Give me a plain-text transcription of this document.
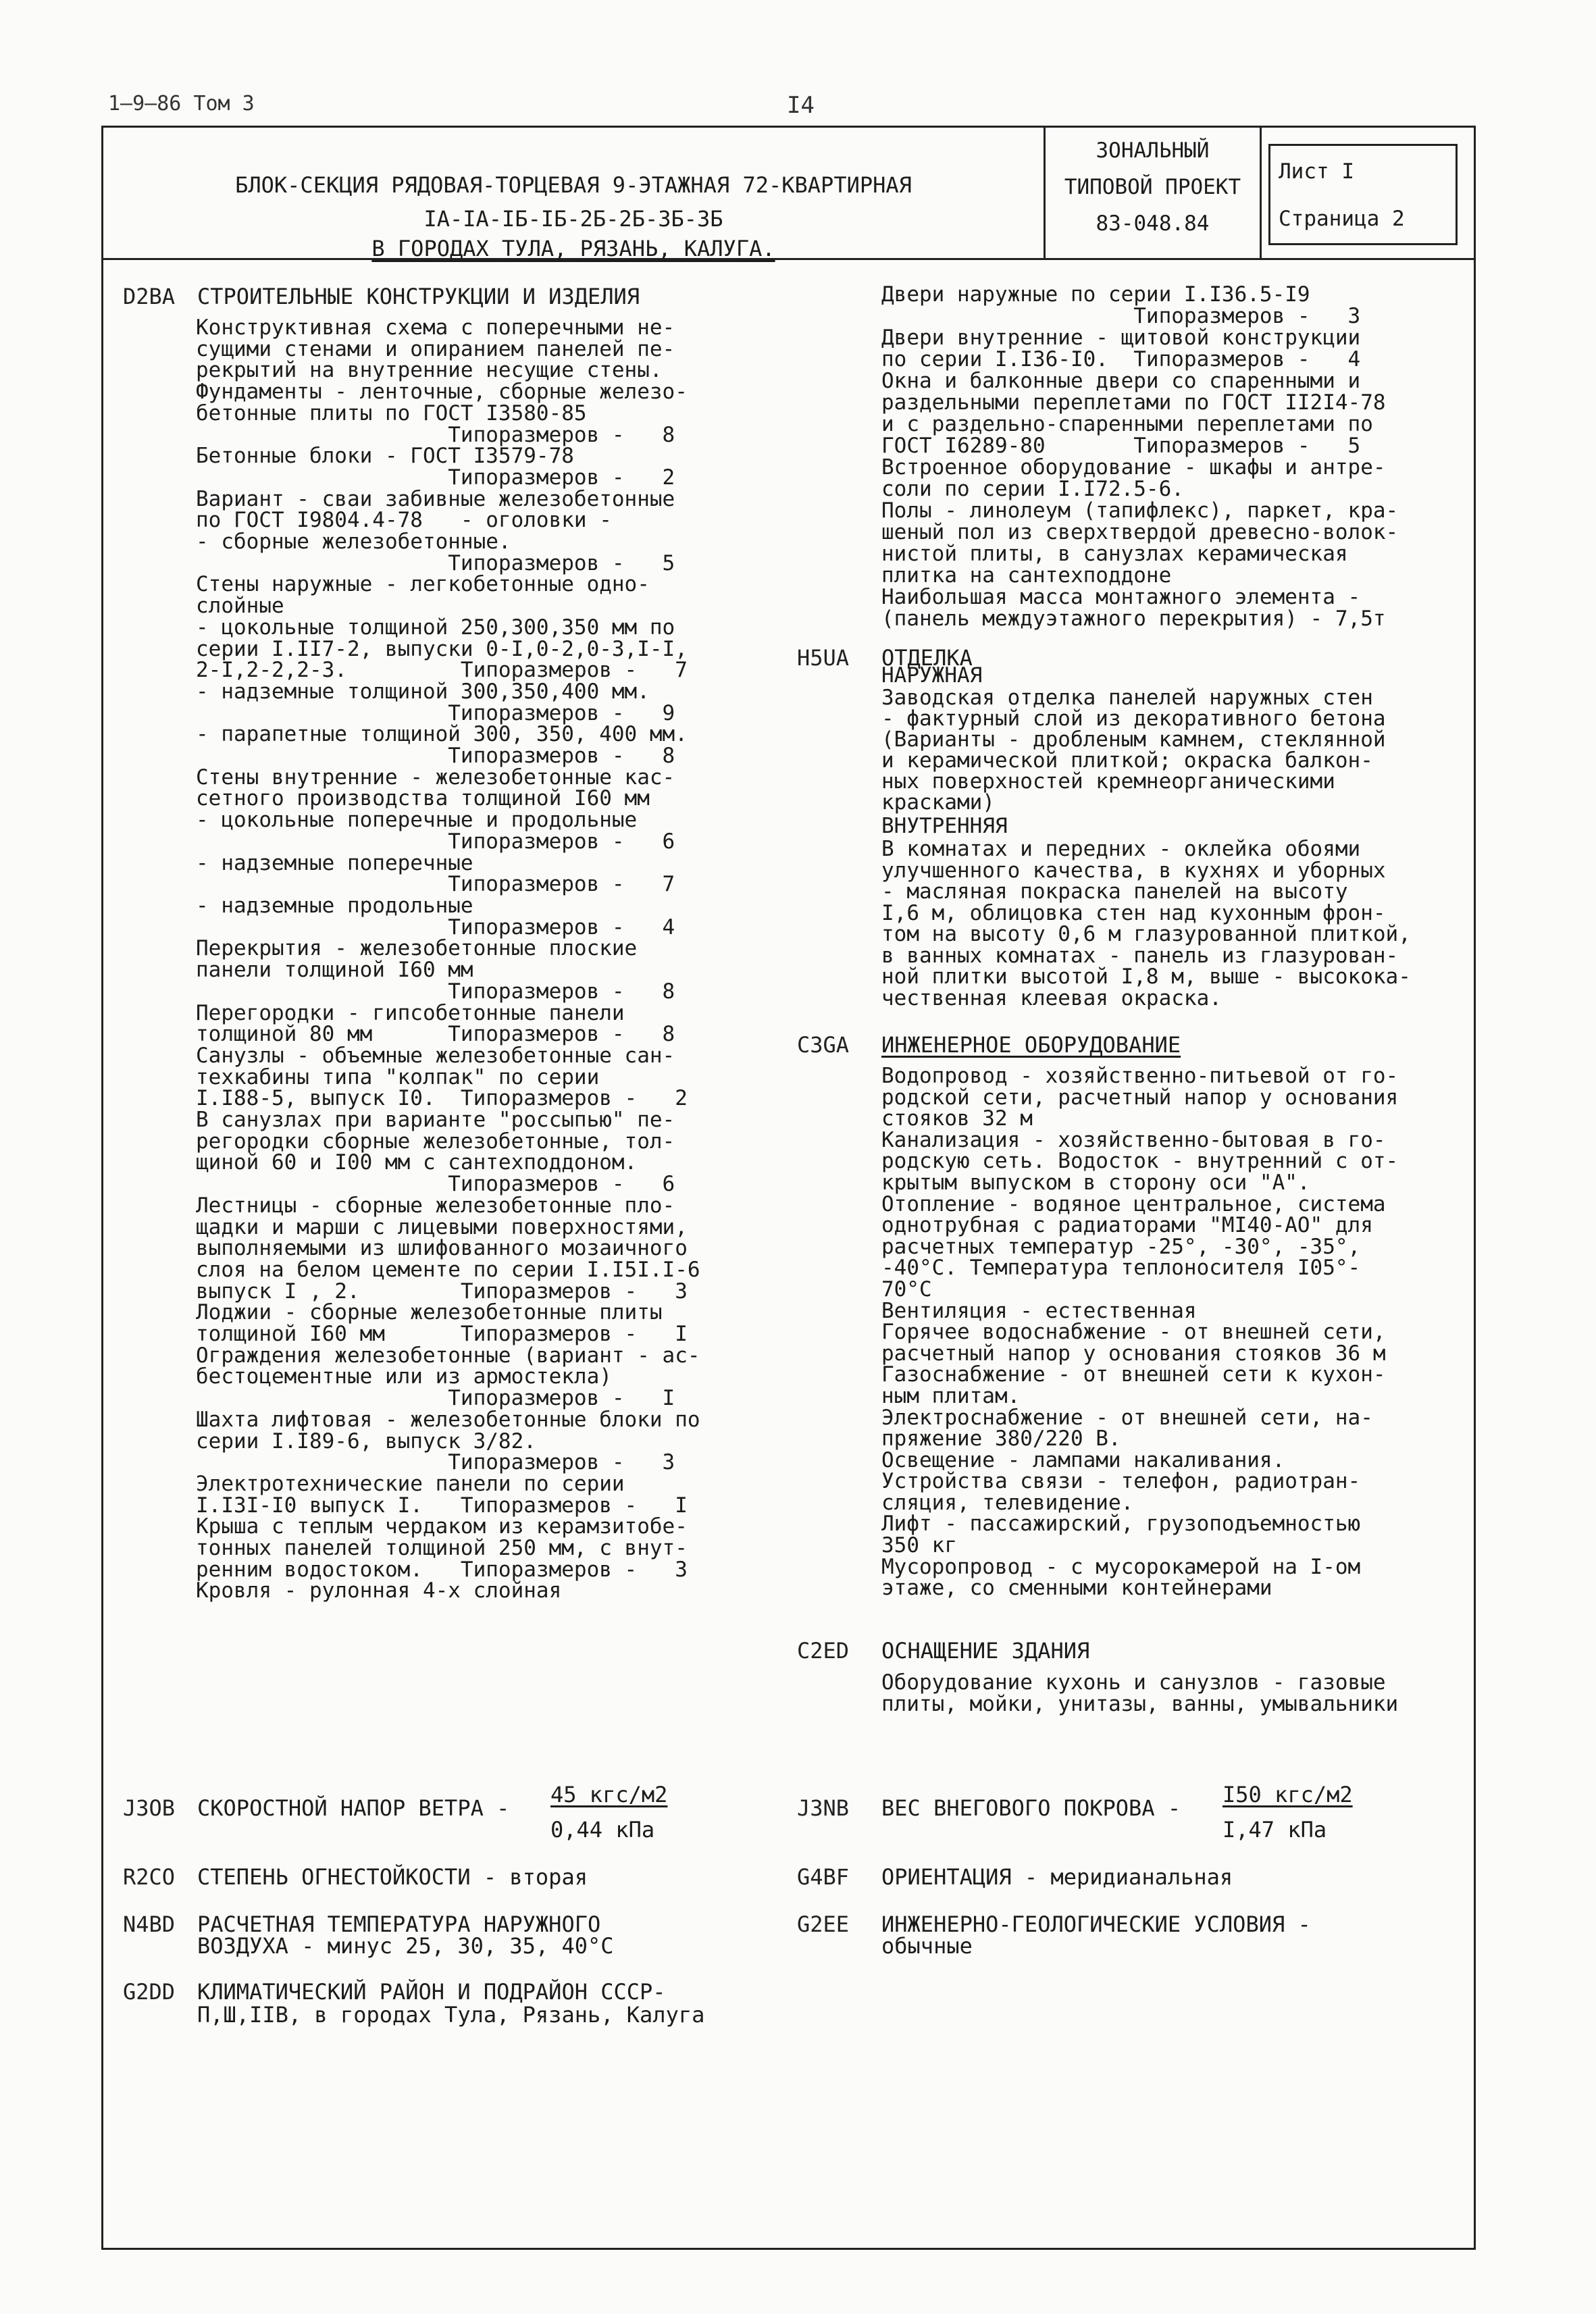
1–9–86 Том 3	I4
БЛОК-СЕКЦИЯ РЯДОВАЯ-ТОРЦЕВАЯ 9-ЭТАЖНАЯ 72-КВАРТИРНАЯ
IA-IA-IБ-IБ-2Б-2Б-3Б-3Б
В ГОРОДАХ ТУЛА, РЯЗАНЬ, КАЛУГА.
ЗОНАЛЬНЫЙ
ТИПОВОЙ ПРОЕКТ
83-048.84
Лист I
Страница 2
D2BA СТРОИТЕЛЬНЫЕ КОНСТРУКЦИИ И ИЗДЕЛИЯ
Конструктивная схема с поперечными не-
сущими стенами и опиранием панелей пе-
рекрытий на внутренние несущие стены.
Фундаменты - ленточные, сборные железо-
бетонные плиты по ГОСТ I3580-85
Типоразмеров -   8
Бетонные блоки - ГОСТ I3579-78
Типоразмеров -   2
Вариант - сваи забивные железобетонные
по ГОСТ I9804.4-78   - оголовки -
- сборные железобетонные.
Типоразмеров -   5
Стены наружные - легкобетонные одно-
слойные
- цокольные толщиной 250,300,350 мм по
серии I.II7-2, выпуски 0-I,0-2,0-3,I-I,
2-I,2-2,2-3.         Типоразмеров -   7
- надземные толщиной 300,350,400 мм.
Типоразмеров -   9
- парапетные толщиной 300, 350, 400 мм.
Типоразмеров -   8
Стены внутренние - железобетонные кас-
сетного производства толщиной I60 мм
- цокольные поперечные и продольные
Типоразмеров -   6
- надземные поперечные
Типоразмеров -   7
- надземные продольные
Типоразмеров -   4
Перекрытия - железобетонные плоские
панели толщиной I60 мм
Типоразмеров -   8
Перегородки - гипсобетонные панели
толщиной 80 мм      Типоразмеров -   8
Санузлы - объемные железобетонные сан-
техкабины типа "колпак" по серии
I.I88-5, выпуск I0.  Типоразмеров -   2
В санузлах при варианте "россыпью" пе-
регородки сборные железобетонные, тол-
щиной 60 и I00 мм с сантехподдоном.
Типоразмеров -   6
Лестницы - сборные железобетонные пло-
щадки и марши с лицевыми поверхностями,
выполняемыми из шлифованного мозаичного
слоя на белом цементе по серии I.I5I.I-6
выпуск I , 2.        Типоразмеров -   3
Лоджии - сборные железобетонные плиты
толщиной I60 мм      Типоразмеров -   I
Ограждения железобетонные (вариант - ас-
бестоцементные или из армостекла)
Типоразмеров -   I
Шахта лифтовая - железобетонные блоки по
серии I.I89-6, выпуск 3/82.
Типоразмеров -   3
Электротехнические панели по серии
I.I3I-I0 выпуск I.   Типоразмеров -   I
Крыша с теплым чердаком из керамзитобе-
тонных панелей толщиной 250 мм, с внут-
ренним водостоком.   Типоразмеров -   3
Кровля - рулонная 4-х слойная
Двери наружные по серии I.I36.5-I9
Типоразмеров -   3
Двери внутренние - щитовой конструкции
по серии I.I36-I0.  Типоразмеров -   4
Окна и балконные двери со спаренными и
раздельными переплетами по ГОСТ II2I4-78
и с раздельно-спаренными переплетами по
ГОСТ I6289-80       Типоразмеров -   5
Встроенное оборудование - шкафы и антре-
соли по серии I.I72.5-6.
Полы - линолеум (тапифлекс), паркет, кра-
шеный пол из сверхтвердой древесно-волок-
нистой плиты, в санузлах керамическая
плитка на сантехподдоне
Наибольшая масса монтажного элемента -
(панель междуэтажного перекрытия) - 7,5т
H5UA ОТДЕЛКА
НАРУЖНАЯ
Заводская отделка панелей наружных стен
- фактурный слой из декоративного бетона
(Варианты - дробленым камнем, стеклянной
и керамической плиткой; окраска балкон-
ных поверхностей кремнеорганическими
красками)
ВНУТРЕННЯЯ
В комнатах и передних - оклейка обоями
улучшенного качества, в кухнях и уборных
- масляная покраска панелей на высоту
I,6 м, облицовка стен над кухонным фрон-
том на высоту 0,6 м глазурованной плиткой,
в ванных комнатах - панель из глазурован-
ной плитки высотой I,8 м, выше - высокока-
чественная клеевая окраска.
C3GA ИНЖЕНЕРНОЕ ОБОРУДОВАНИЕ
Водопровод - хозяйственно-питьевой от го-
родской сети, расчетный напор у основания
стояков 32 м
Канализация - хозяйственно-бытовая в го-
родскую сеть. Водосток - внутренний с от-
крытым выпуском в сторону оси "А".
Отопление - водяное центральное, система
однотрубная с радиаторами "МI40-АО" для
расчетных температур -25°, -30°, -35°,
-40°С. Температура теплоносителя I05°-
70°С
Вентиляция - естественная
Горячее водоснабжение - от внешней сети,
расчетный напор у основания стояков 36 м
Газоснабжение - от внешней сети к кухон-
ным плитам.
Электроснабжение - от внешней сети, на-
пряжение 380/220 В.
Освещение - лампами накаливания.
Устройства связи - телефон, радиотран-
сляция, телевидение.
Лифт - пассажирский, грузоподъемностью
350 кг
Мусоропровод - с мусорокамерой на I-ом
этаже, со сменными контейнерами
C2ED ОСНАЩЕНИЕ ЗДАНИЯ
Оборудование кухонь и санузлов - газовые
плиты, мойки, унитазы, ванны, умывальники
J3OB СКОРОСТНОЙ НАПОР ВЕТРА -
45 кгс/м2
0,44 кПа
J3NB ВЕС ВНЕГОВОГО ПОКРОВА -
I50 кгс/м2
I,47 кПа
R2CO СТЕПЕНЬ ОГНЕСТОЙКОСТИ - вторая	G4BF ОРИЕНТАЦИЯ - меридианальная
N4BD РАСЧЕТНАЯ ТЕМПЕРАТУРА НАРУЖНОГО
ВОЗДУХА - минус 25, 30, 35, 40°С
G2EE ИНЖЕНЕРНО-ГЕОЛОГИЧЕСКИЕ УСЛОВИЯ -
обычные
G2DD КЛИМАТИЧЕСКИЙ РАЙОН И ПОДРАЙОН СССР-
П,Ш,IIВ, в городах Тула, Рязань, Калуга
